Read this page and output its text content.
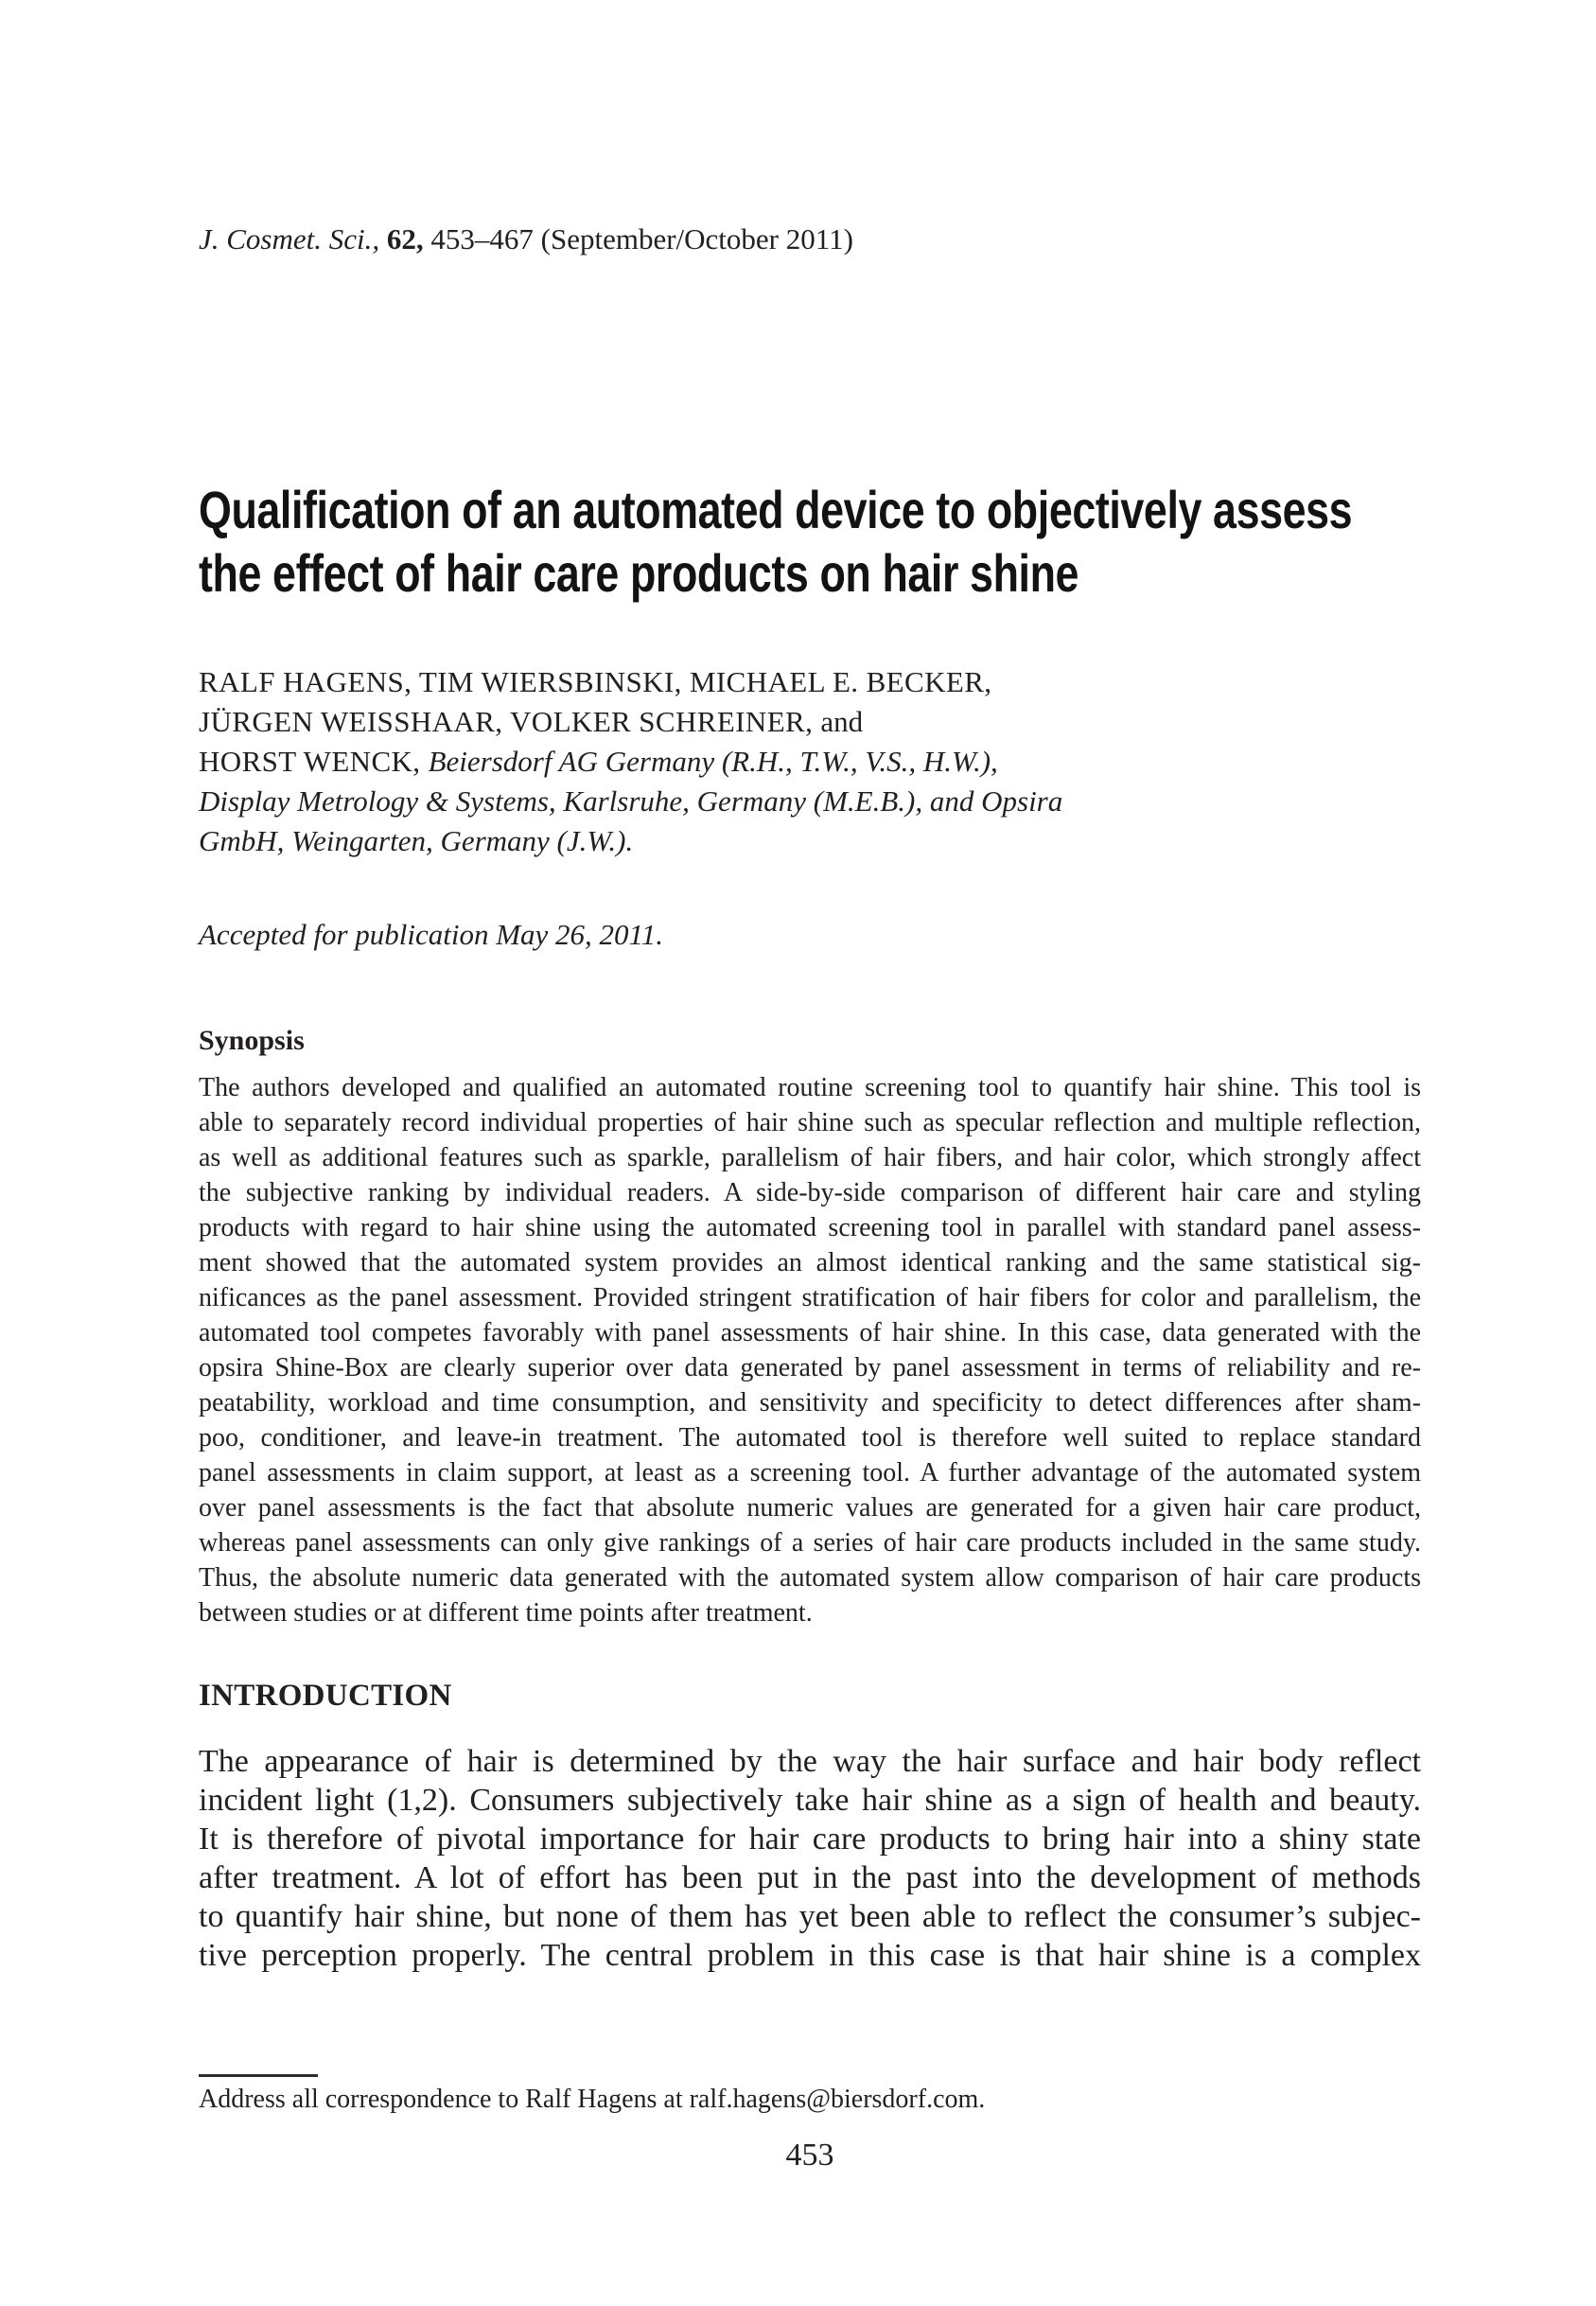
J. Cosmet. Sci., 62, 453–467 (September/October 2011)
Qualification of an automated device to objectively assess
the effect of hair care products on hair shine
RALF HAGENS, TIM WIERSBINSKI, MICHAEL E. BECKER,
JÜRGEN WEISSHAAR, VOLKER SCHREINER, and
HORST WENCK, Beiersdorf AG Germany (R.H., T.W., V.S., H.W.),
Display Metrology & Systems, Karlsruhe, Germany (M.E.B.), and Opsira
GmbH, Weingarten, Germany (J.W.).
Accepted for publication May 26, 2011.
Synopsis
The authors developed and qualified an automated routine screening tool to quantify hair shine. This tool is
able to separately record individual properties of hair shine such as specular reflection and multiple reflection,
as well as additional features such as sparkle, parallelism of hair fibers, and hair color, which strongly affect
the subjective ranking by individual readers. A side-by-side comparison of different hair care and styling
products with regard to hair shine using the automated screening tool in parallel with standard panel assess-
ment showed that the automated system provides an almost identical ranking and the same statistical sig-
nificances as the panel assessment. Provided stringent stratification of hair fibers for color and parallelism, the
automated tool competes favorably with panel assessments of hair shine. In this case, data generated with the
opsira Shine-Box are clearly superior over data generated by panel assessment in terms of reliability and re-
peatability, workload and time consumption, and sensitivity and specificity to detect differences after sham-
poo, conditioner, and leave-in treatment. The automated tool is therefore well suited to replace standard
panel assessments in claim support, at least as a screening tool. A further advantage of the automated system
over panel assessments is the fact that absolute numeric values are generated for a given hair care product,
whereas panel assessments can only give rankings of a series of hair care products included in the same study.
Thus, the absolute numeric data generated with the automated system allow comparison of hair care products
between studies or at different time points after treatment.
INTRODUCTION
The appearance of hair is determined by the way the hair surface and hair body reflect
incident light (1,2). Consumers subjectively take hair shine as a sign of health and beauty.
It is therefore of pivotal importance for hair care products to bring hair into a shiny state
after treatment. A lot of effort has been put in the past into the development of methods
to quantify hair shine, but none of them has yet been able to reflect the consumer’s subjec-
tive perception properly. The central problem in this case is that hair shine is a complex
Address all correspondence to Ralf Hagens at ralf.hagens@biersdorf.com.
453
